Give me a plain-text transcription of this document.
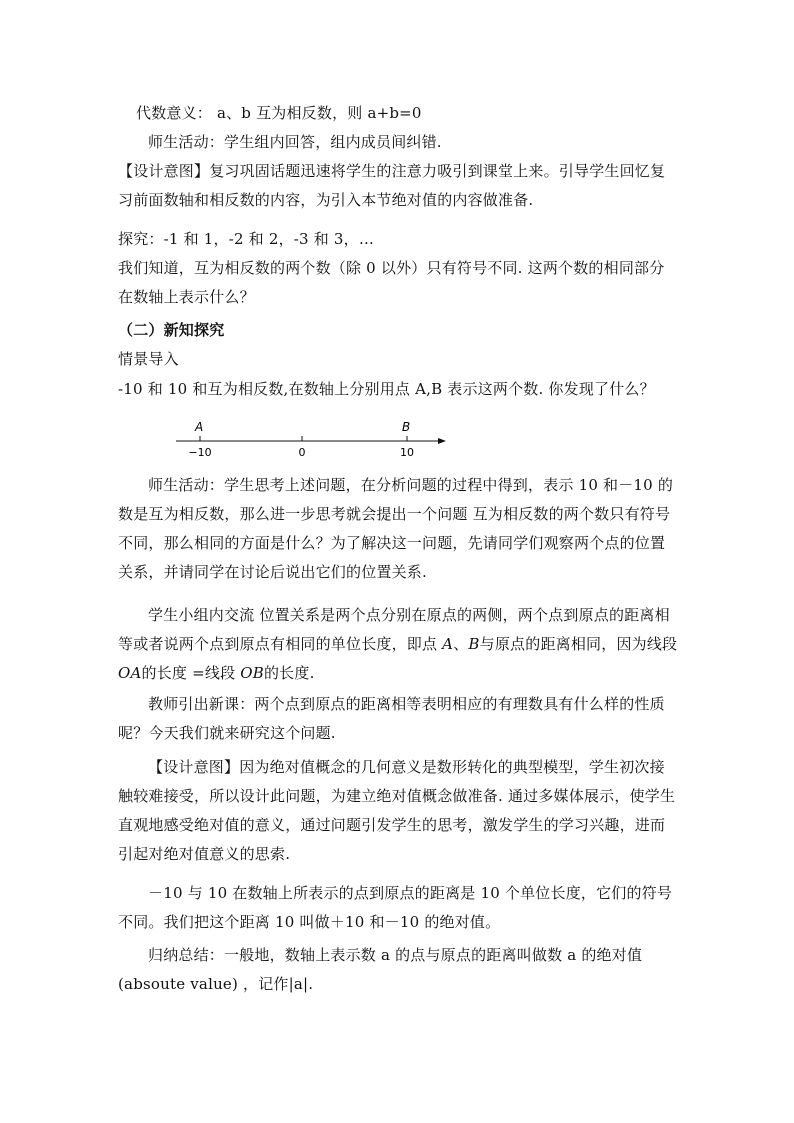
代数意义： a、b 互为相反数，则 a+b=0

师生活动：学生组内回答，组内成员间纠错.

【设计意图】复习巩固话题迅速将学生的注意力吸引到课堂上来。引导学生回忆复习前面数轴和相反数的内容，为引入本节绝对值的内容做准备.

探究：-1 和 1，-2 和 2，-3 和 3，…

我们知道，互为相反数的两个数（除 0 以外）只有符号不同. 这两个数的相同部分在数轴上表示什么？

（二）新知探究

情景导入

-10 和 10 和互为相反数,在数轴上分别用点 A,B 表示这两个数. 你发现了什么？

A	B
−10	0	10

师生活动：学生思考上述问题，在分析问题的过程中得到，表示 10 和－10 的数是互为相反数，那么进一步思考就会提出一个问题 互为相反数的两个数只有符号不同，那么相同的方面是什么？为了解决这一问题，先请同学们观察两个点的位置关系，并请同学在讨论后说出它们的位置关系.

学生小组内交流 位置关系是两个点分别在原点的两侧，两个点到原点的距离相等或者说两个点到原点有相同的单位长度，即点 A、B与原点的距离相同，因为线段 OA的长度 =线段 OB的长度.

教师引出新课：两个点到原点的距离相等表明相应的有理数具有什么样的性质呢？今天我们就来研究这个问题.

【设计意图】因为绝对值概念的几何意义是数形转化的典型模型，学生初次接触较难接受，所以设计此问题，为建立绝对值概念做准备. 通过多媒体展示，使学生直观地感受绝对值的意义，通过问题引发学生的思考，激发学生的学习兴趣，进而引起对绝对值意义的思索.

－10 与 10 在数轴上所表示的点到原点的距离是 10 个单位长度，它们的符号不同。我们把这个距离 10 叫做＋10 和－10 的绝对值。

归纳总结：一般地，数轴上表示数 a 的点与原点的距离叫做数 a 的绝对值(absoute value) ，记作|a|.
